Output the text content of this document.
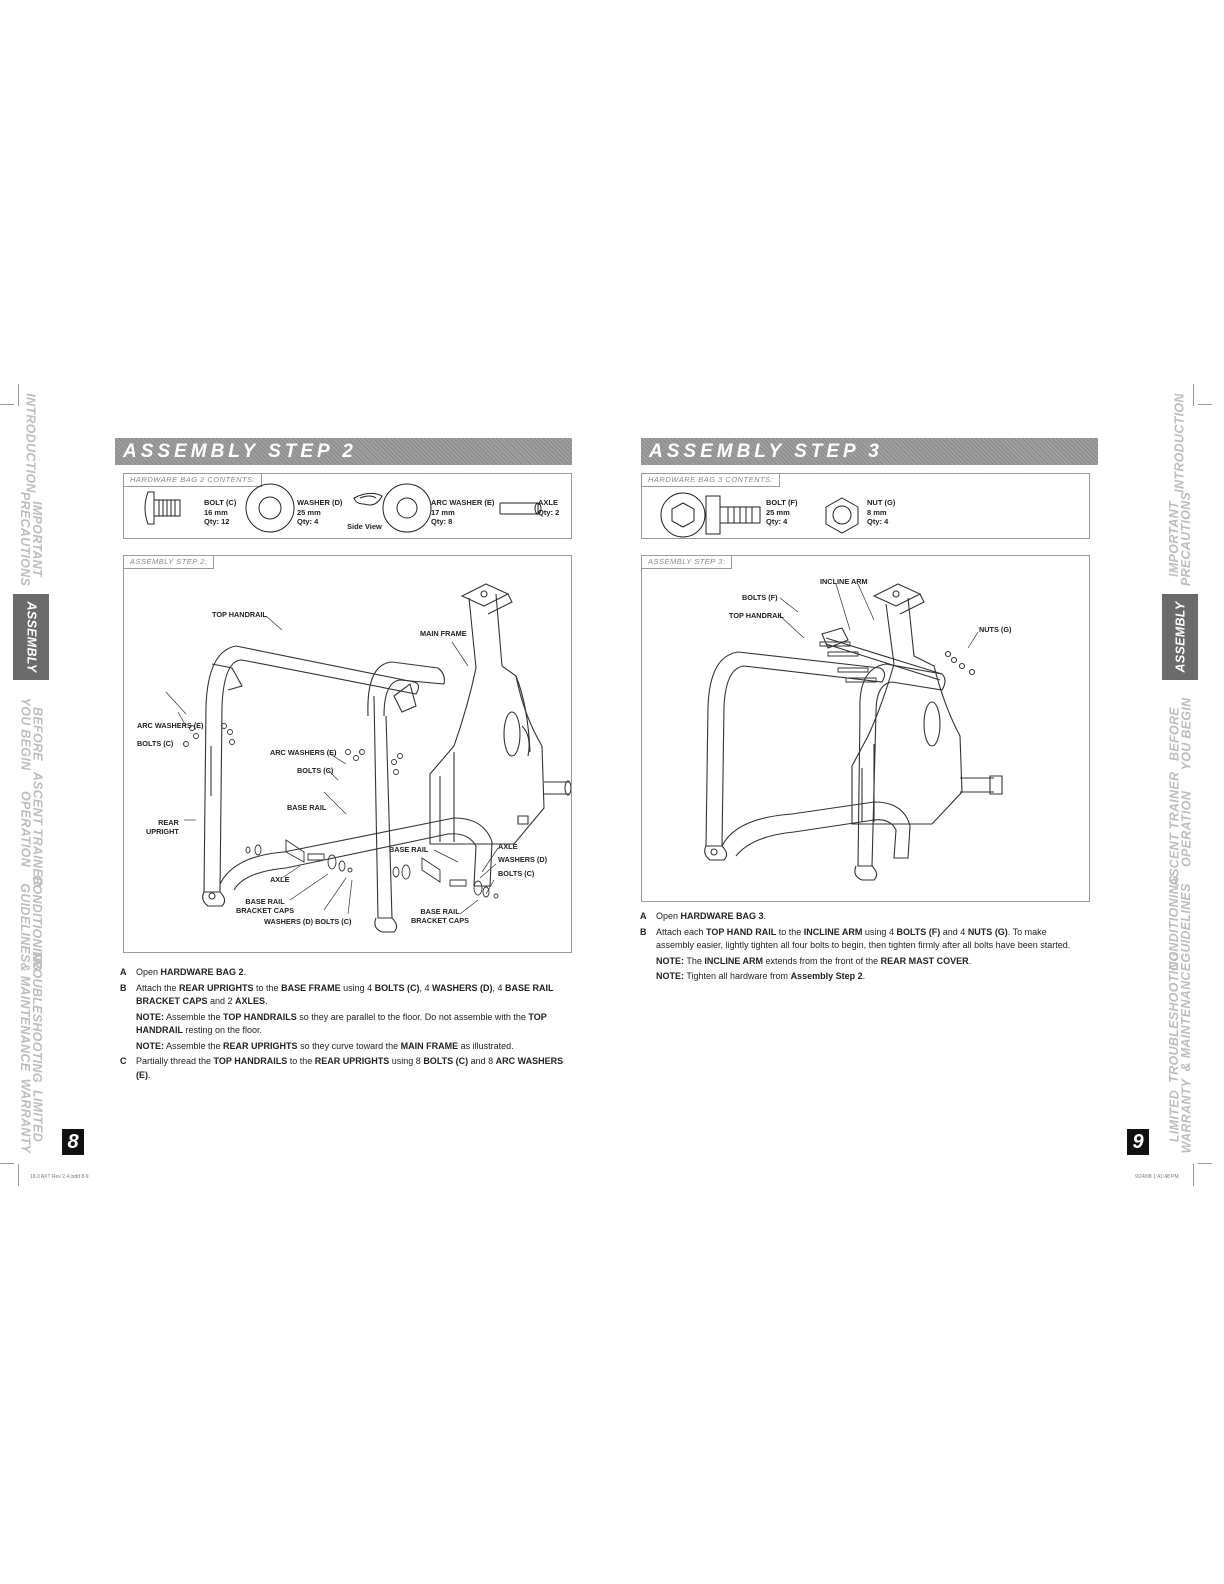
INTRODUCTION
IMPORTANT
PRECAUTIONS
ASSEMBLY
BEFORE
YOU BEGIN
ASCENT TRAINER
OPERATION
CONDITIONING
GUIDELINES
TROUBLESHOOTING
& MAINTENANCE
LIMITED
WARRANTY
INTRODUCTION
IMPORTANT
PRECAUTIONS
ASSEMBLY
BEFORE
YOU BEGIN
ASCENT TRAINER
OPERATION
CONDITIONING
GUIDELINES
TROUBLESHOOTING
& MAINTENANCE
LIMITED
WARRANTY
8	9
18.0 AXT Rev 2.4.indd 8-9	9/24/08 1:41:48 PM
ASSEMBLY STEP 2
HARDWARE BAG 2 CONTENTS:
BOLT (C)
16 mm
Qty: 12
WASHER (D)
25 mm
Qty: 4
Side View
ARC WASHER (E)
17 mm
Qty: 8
AXLE
Qty: 2
ASSEMBLY STEP 2:
TOP HANDRAIL
MAIN FRAME
ARC WASHERS (E)
BOLTS (C)
ARC WASHERS (E)
BOLTS (C)
REAR
UPRIGHT
BASE RAIL
BASE RAIL	AXLE
WASHERS (D)
BOLTS (C)
AXLE
BASE RAIL
BRACKET CAPS
WASHERS (D) BOLTS (C)
BASE RAIL
BRACKET CAPS
A Open HARDWARE BAG 2.
B Attach the REAR UPRIGHTS to the BASE FRAME using 4 BOLTS (C), 4 WASHERS (D), 4 BASE RAIL BRACKET CAPS and 2 AXLES.
NOTE: Assemble the TOP HANDRAILS so they are parallel to the floor. Do not assemble with the TOP HANDRAIL resting on the floor.
NOTE: Assemble the REAR UPRIGHTS so they curve toward the MAIN FRAME as illustrated.
C Partially thread the TOP HANDRAILS to the REAR UPRIGHTS using 8 BOLTS (C) and 8 ARC WASHERS (E).
ASSEMBLY STEP 3
HARDWARE BAG 3 CONTENTS:
BOLT (F)
25 mm
Qty: 4
NUT (G)
8 mm
Qty: 4
ASSEMBLY STEP 3:
INCLINE ARM
BOLTS (F)
TOP HANDRAIL
NUTS (G)
A Open HARDWARE BAG 3.
B Attach each TOP HAND RAIL to the INCLINE ARM using 4 BOLTS (F) and 4 NUTS (G). To make assembly easier, lightly tighten all four bolts to begin, then tighten firmly after all bolts have been started.
NOTE: The INCLINE ARM extends from the front of the REAR MAST COVER.
NOTE: Tighten all hardware from Assembly Step 2.
